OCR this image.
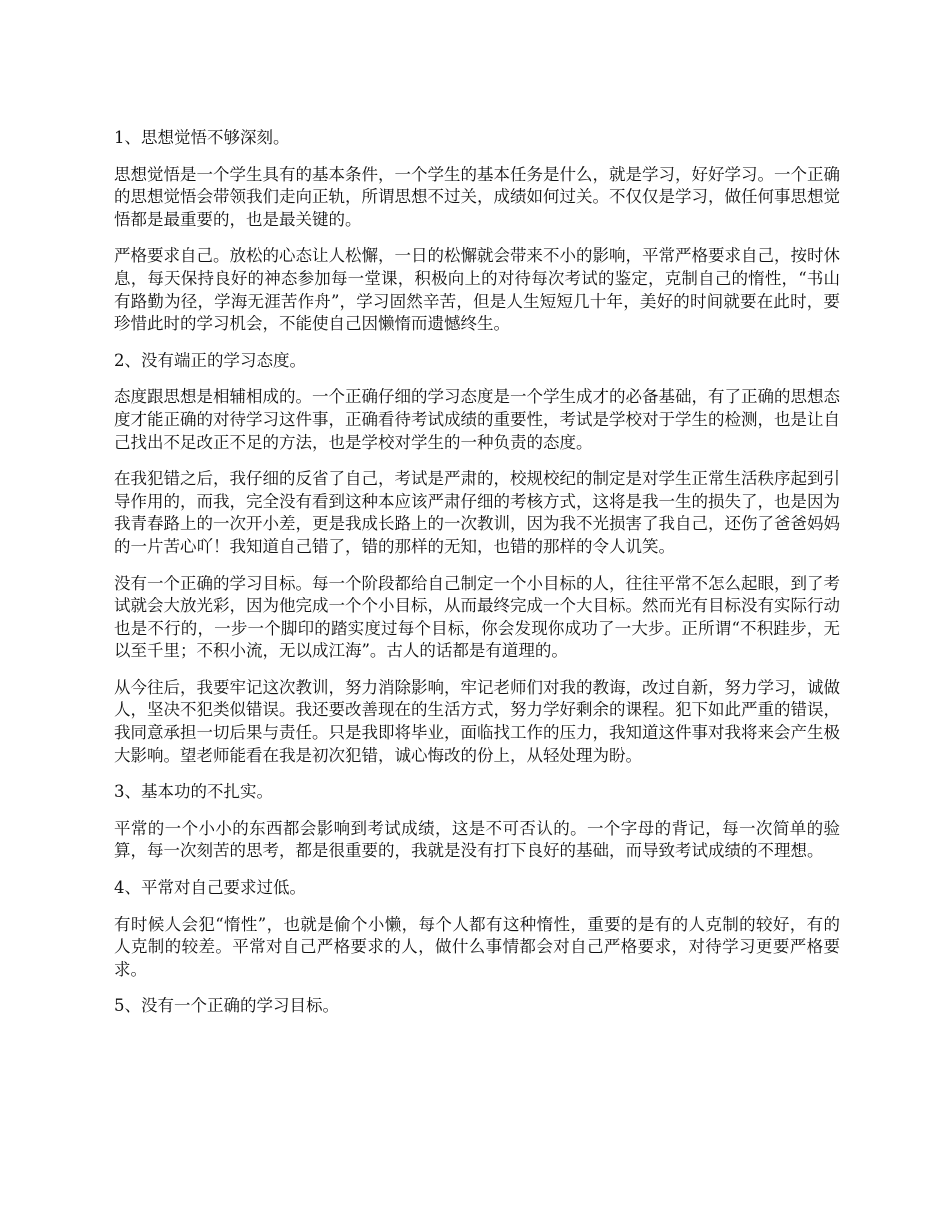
1、思想觉悟不够深刻。

思想觉悟是一个学生具有的基本条件，一个学生的基本任务是什么，就是学习，好好学习。一个正确的思想觉悟会带领我们走向正轨，所谓思想不过关，成绩如何过关。不仅仅是学习，做任何事思想觉悟都是最重要的，也是最关键的。

严格要求自己。放松的心态让人松懈，一日的松懈就会带来不小的影响，平常严格要求自己，按时休息，每天保持良好的神态参加每一堂课，积极向上的对待每次考试的鉴定，克制自己的惰性，“书山有路勤为径，学海无涯苦作舟”，学习固然辛苦，但是人生短短几十年，美好的时间就要在此时，要珍惜此时的学习机会，不能使自己因懒惰而遗憾终生。

2、没有端正的学习态度。

态度跟思想是相辅相成的。一个正确仔细的学习态度是一个学生成才的必备基础，有了正确的思想态度才能正确的对待学习这件事，正确看待考试成绩的重要性，考试是学校对于学生的检测，也是让自己找出不足改正不足的方法，也是学校对学生的一种负责的态度。

在我犯错之后，我仔细的反省了自己，考试是严肃的，校规校纪的制定是对学生正常生活秩序起到引导作用的，而我，完全没有看到这种本应该严肃仔细的考核方式，这将是我一生的损失了，也是因为我青春路上的一次开小差，更是我成长路上的一次教训，因为我不光损害了我自己，还伤了爸爸妈妈的一片苦心吖！我知道自己错了，错的那样的无知，也错的那样的令人讥笑。

没有一个正确的学习目标。每一个阶段都给自己制定一个小目标的人，往往平常不怎么起眼，到了考试就会大放光彩，因为他完成一个个小目标，从而最终完成一个大目标。然而光有目标没有实际行动也是不行的，一步一个脚印的踏实度过每个目标，你会发现你成功了一大步。正所谓“不积跬步，无以至千里；不积小流，无以成江海”。古人的话都是有道理的。

从今往后，我要牢记这次教训，努力消除影响，牢记老师们对我的教诲，改过自新，努力学习，诚做人，坚决不犯类似错误。我还要改善现在的生活方式，努力学好剩余的课程。犯下如此严重的错误，我同意承担一切后果与责任。只是我即将毕业，面临找工作的压力，我知道这件事对我将来会产生极大影响。望老师能看在我是初次犯错，诚心悔改的份上，从轻处理为盼。

3、基本功的不扎实。

平常的一个小小的东西都会影响到考试成绩，这是不可否认的。一个字母的背记，每一次简单的验算，每一次刻苦的思考，都是很重要的，我就是没有打下良好的基础，而导致考试成绩的不理想。

4、平常对自己要求过低。

有时候人会犯“惰性”，也就是偷个小懒，每个人都有这种惰性，重要的是有的人克制的较好，有的人克制的较差。平常对自己严格要求的人，做什么事情都会对自己严格要求，对待学习更要严格要求。

5、没有一个正确的学习目标。
